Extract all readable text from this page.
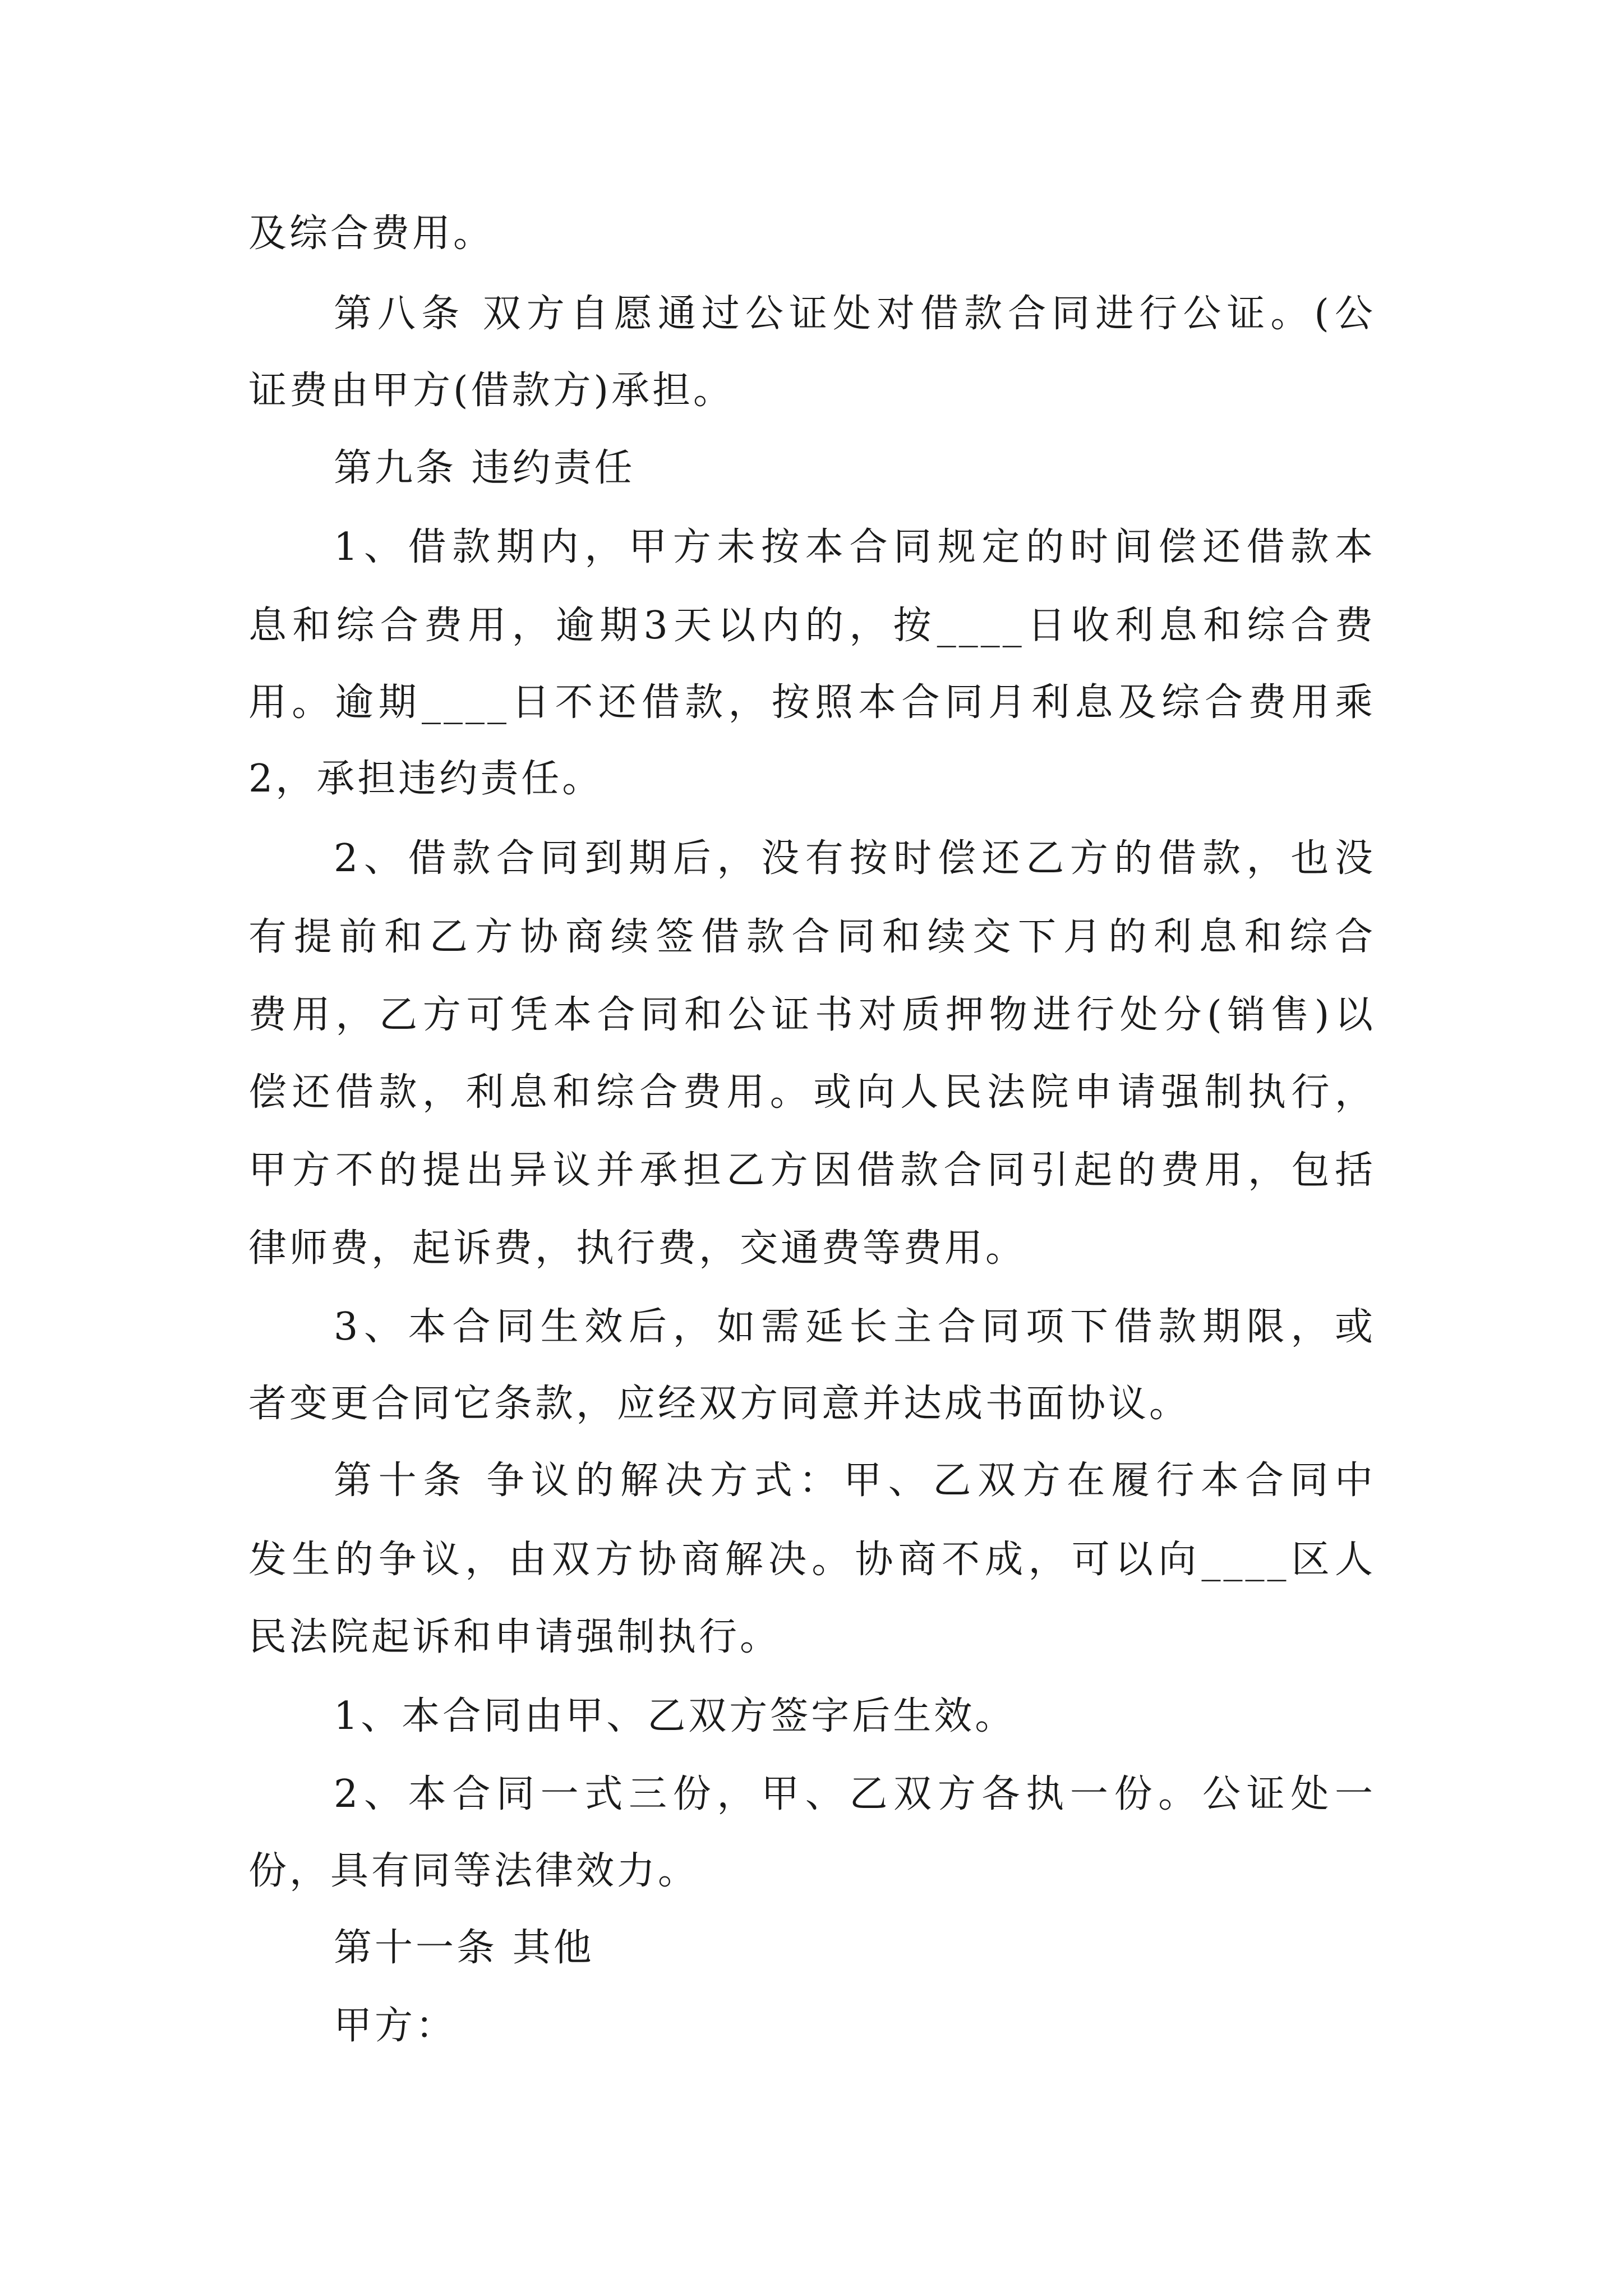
及综合费用。
第八条 双方自愿通过公证处对借款合同进行公证。(公
证费由甲方(借款方)承担。
第九条 违约责任
1、借款期内，甲方未按本合同规定的时间偿还借款本
息和综合费用，逾期3天以内的，按____日收利息和综合费
用。逾期____日不还借款，按照本合同月利息及综合费用乘
2，承担违约责任。
2、借款合同到期后，没有按时偿还乙方的借款，也没
有提前和乙方协商续签借款合同和续交下月的利息和综合
费用，乙方可凭本合同和公证书对质押物进行处分(销售)以
偿还借款，利息和综合费用。或向人民法院申请强制执行，
甲方不的提出异议并承担乙方因借款合同引起的费用，包括
律师费，起诉费，执行费，交通费等费用。
3、本合同生效后，如需延长主合同项下借款期限，或
者变更合同它条款，应经双方同意并达成书面协议。
第十条 争议的解决方式：甲、乙双方在履行本合同中
发生的争议，由双方协商解决。协商不成，可以向____区人
民法院起诉和申请强制执行。
1、本合同由甲、乙双方签字后生效。
2、本合同一式三份，甲、乙双方各执一份。公证处一
份，具有同等法律效力。
第十一条 其他
甲方：
